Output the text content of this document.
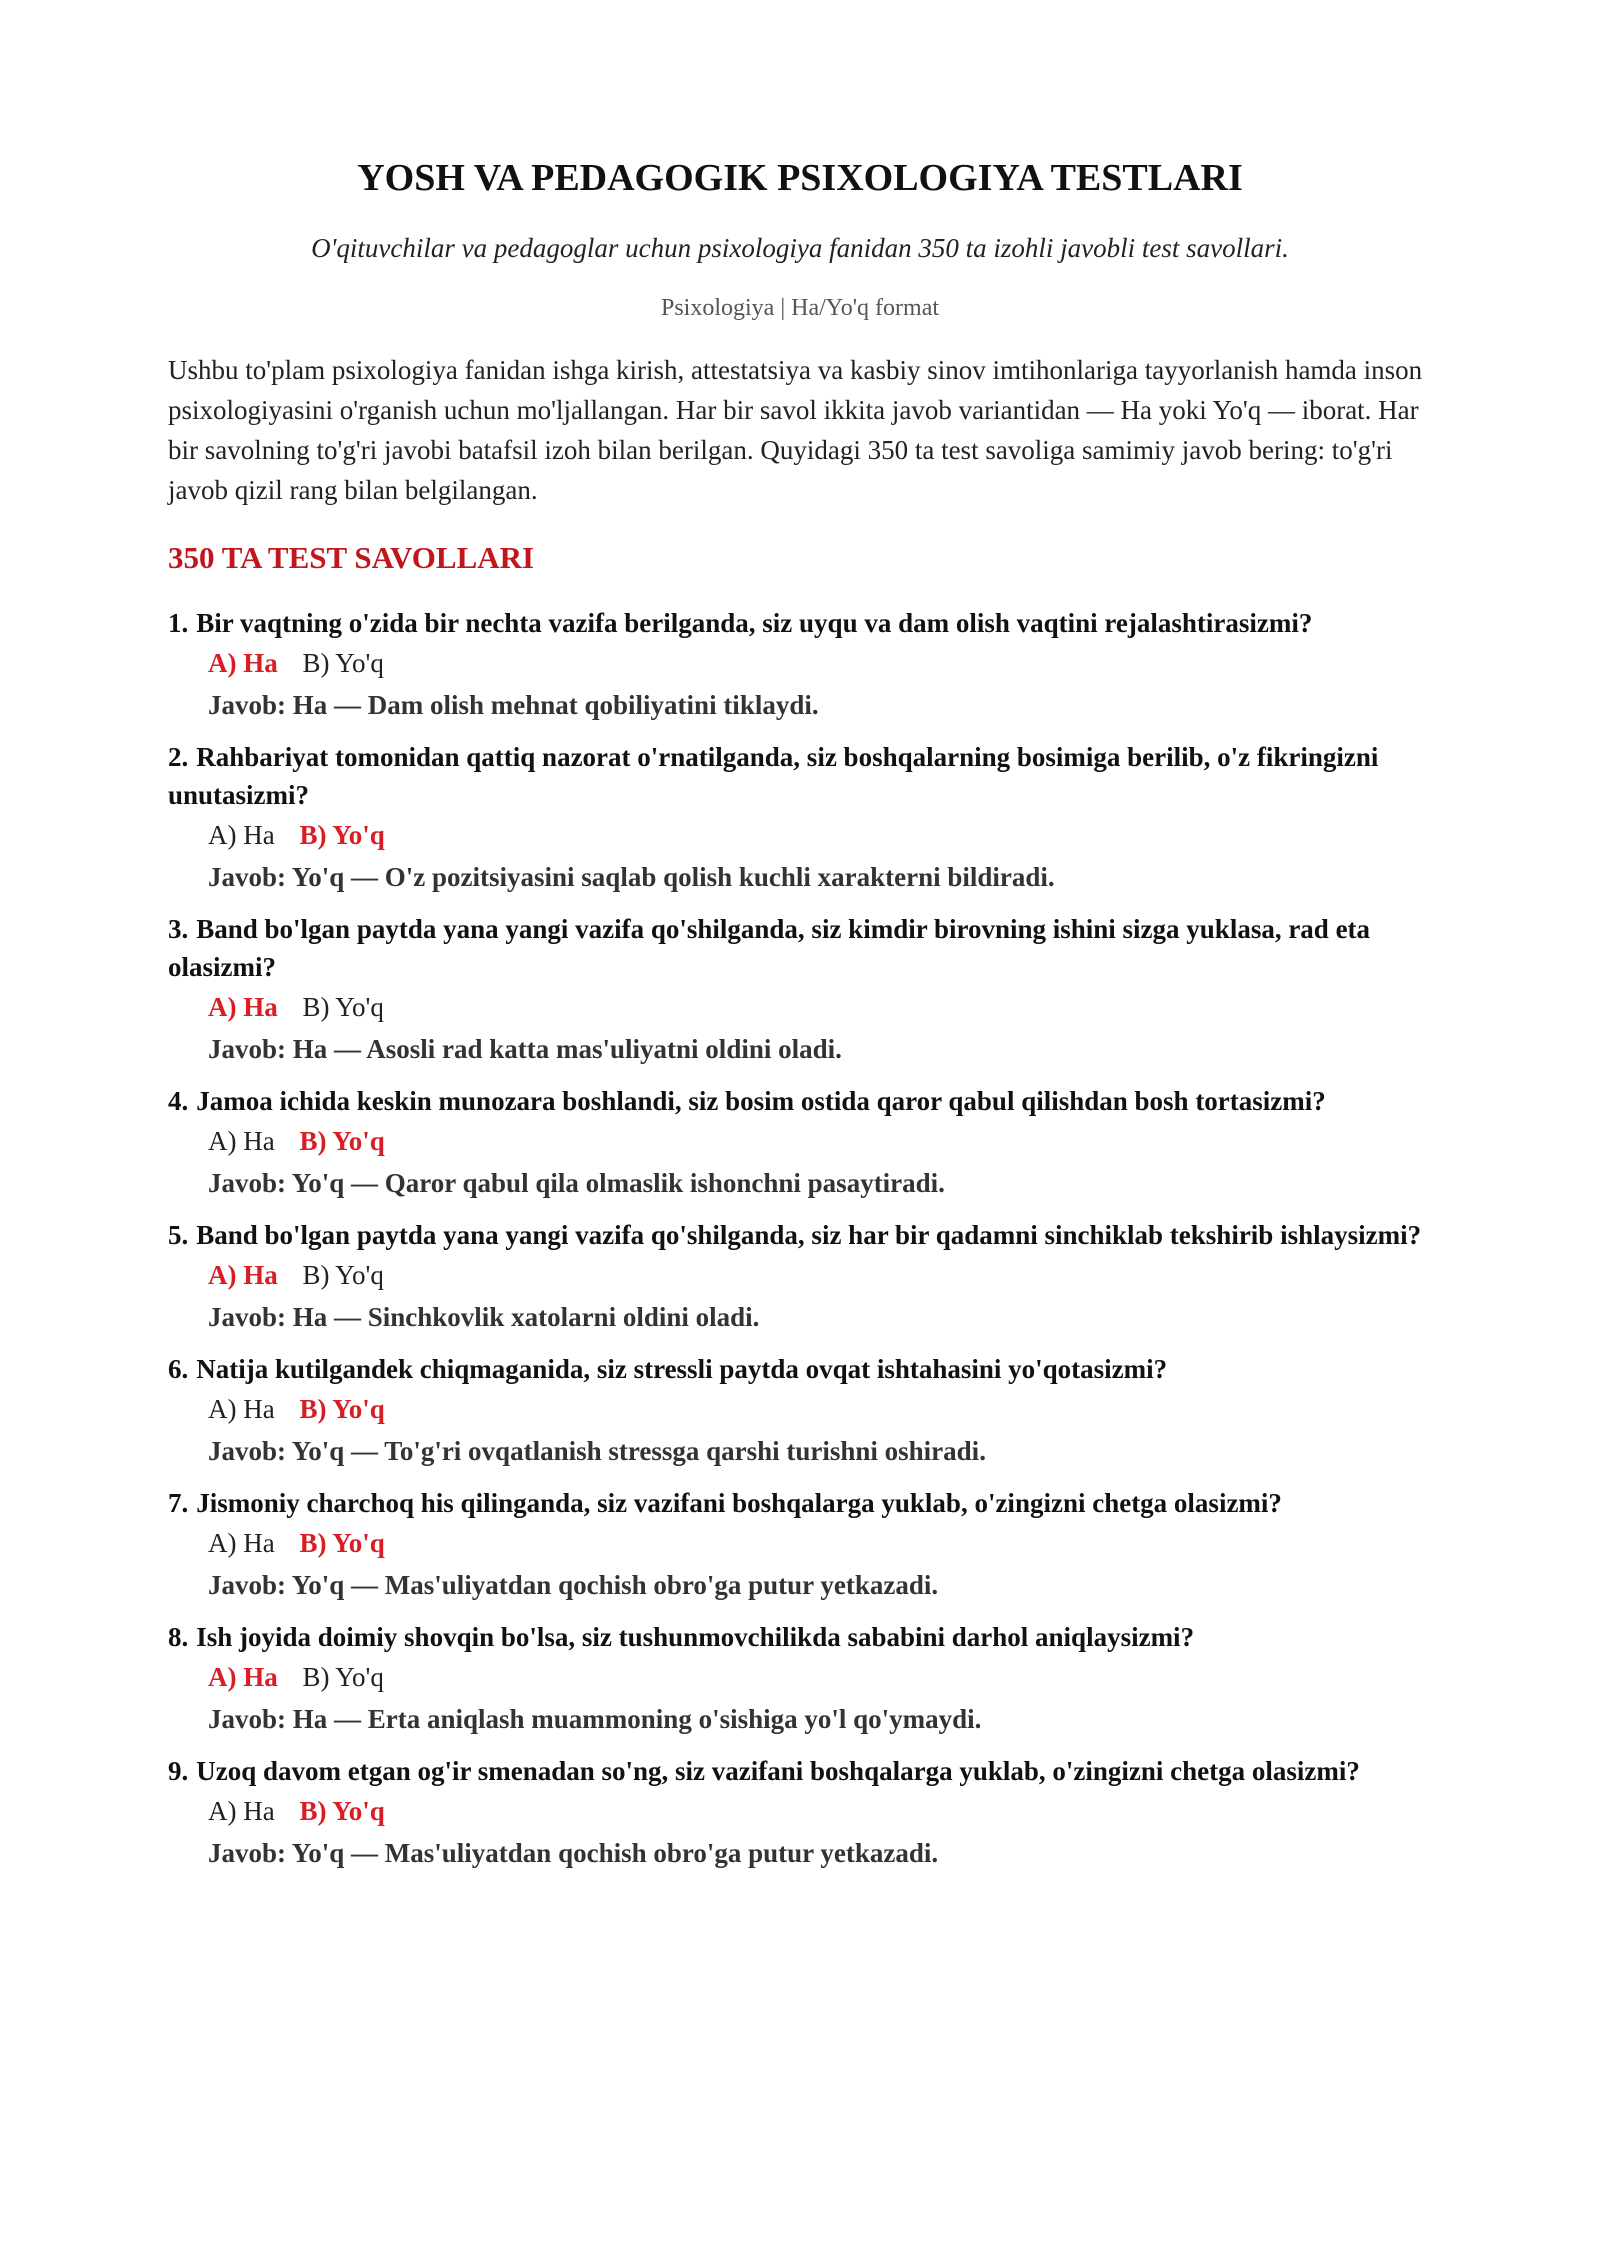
YOSH VA PEDAGOGIK PSIXOLOGIYA TESTLARI
O'qituvchilar va pedagoglar uchun psixologiya fanidan 350 ta izohli javobli test savollari.
Psixologiya | Ha/Yo'q format

Ushbu to'plam psixologiya fanidan ishga kirish, attestatsiya va kasbiy sinov imtihonlariga tayyorlanish hamda inson psixologiyasini o'rganish uchun mo'ljallangan. Har bir savol ikkita javob variantidan — Ha yoki Yo'q — iborat. Har bir savolning to'g'ri javobi batafsil izoh bilan berilgan. Quyidagi 350 ta test savoliga samimiy javob bering: to'g'ri javob qizil rang bilan belgilangan.

350 TA TEST SAVOLLARI
1. Bir vaqtning o'zida bir nechta vazifa berilganda, siz uyqu va dam olish vaqtini rejalashtirasizmi?
A) Ha B) Yo'q
Javob: Ha — Dam olish mehnat qobiliyatini tiklaydi.
2. Rahbariyat tomonidan qattiq nazorat o'rnatilganda, siz boshqalarning bosimiga berilib, o'z fikringizni unutasizmi?
A) Ha B) Yo'q
Javob: Yo'q — O'z pozitsiyasini saqlab qolish kuchli xarakterni bildiradi.
3. Band bo'lgan paytda yana yangi vazifa qo'shilganda, siz kimdir birovning ishini sizga yuklasa, rad eta olasizmi?
A) Ha B) Yo'q
Javob: Ha — Asosli rad katta mas'uliyatni oldini oladi.
4. Jamoa ichida keskin munozara boshlandi, siz bosim ostida qaror qabul qilishdan bosh tortasizmi?
A) Ha B) Yo'q
Javob: Yo'q — Qaror qabul qila olmaslik ishonchni pasaytiradi.
5. Band bo'lgan paytda yana yangi vazifa qo'shilganda, siz har bir qadamni sinchiklab tekshirib ishlaysizmi?
A) Ha B) Yo'q
Javob: Ha — Sinchkovlik xatolarni oldini oladi.
6. Natija kutilgandek chiqmaganida, siz stressli paytda ovqat ishtahasini yo'qotasizmi?
A) Ha B) Yo'q
Javob: Yo'q — To'g'ri ovqatlanish stressga qarshi turishni oshiradi.
7. Jismoniy charchoq his qilinganda, siz vazifani boshqalarga yuklab, o'zingizni chetga olasizmi?
A) Ha B) Yo'q
Javob: Yo'q — Mas'uliyatdan qochish obro'ga putur yetkazadi.
8. Ish joyida doimiy shovqin bo'lsa, siz tushunmovchilikda sababini darhol aniqlaysizmi?
A) Ha B) Yo'q
Javob: Ha — Erta aniqlash muammoning o'sishiga yo'l qo'ymaydi.
9. Uzoq davom etgan og'ir smenadan so'ng, siz vazifani boshqalarga yuklab, o'zingizni chetga olasizmi?
A) Ha B) Yo'q
Javob: Yo'q — Mas'uliyatdan qochish obro'ga putur yetkazadi.
